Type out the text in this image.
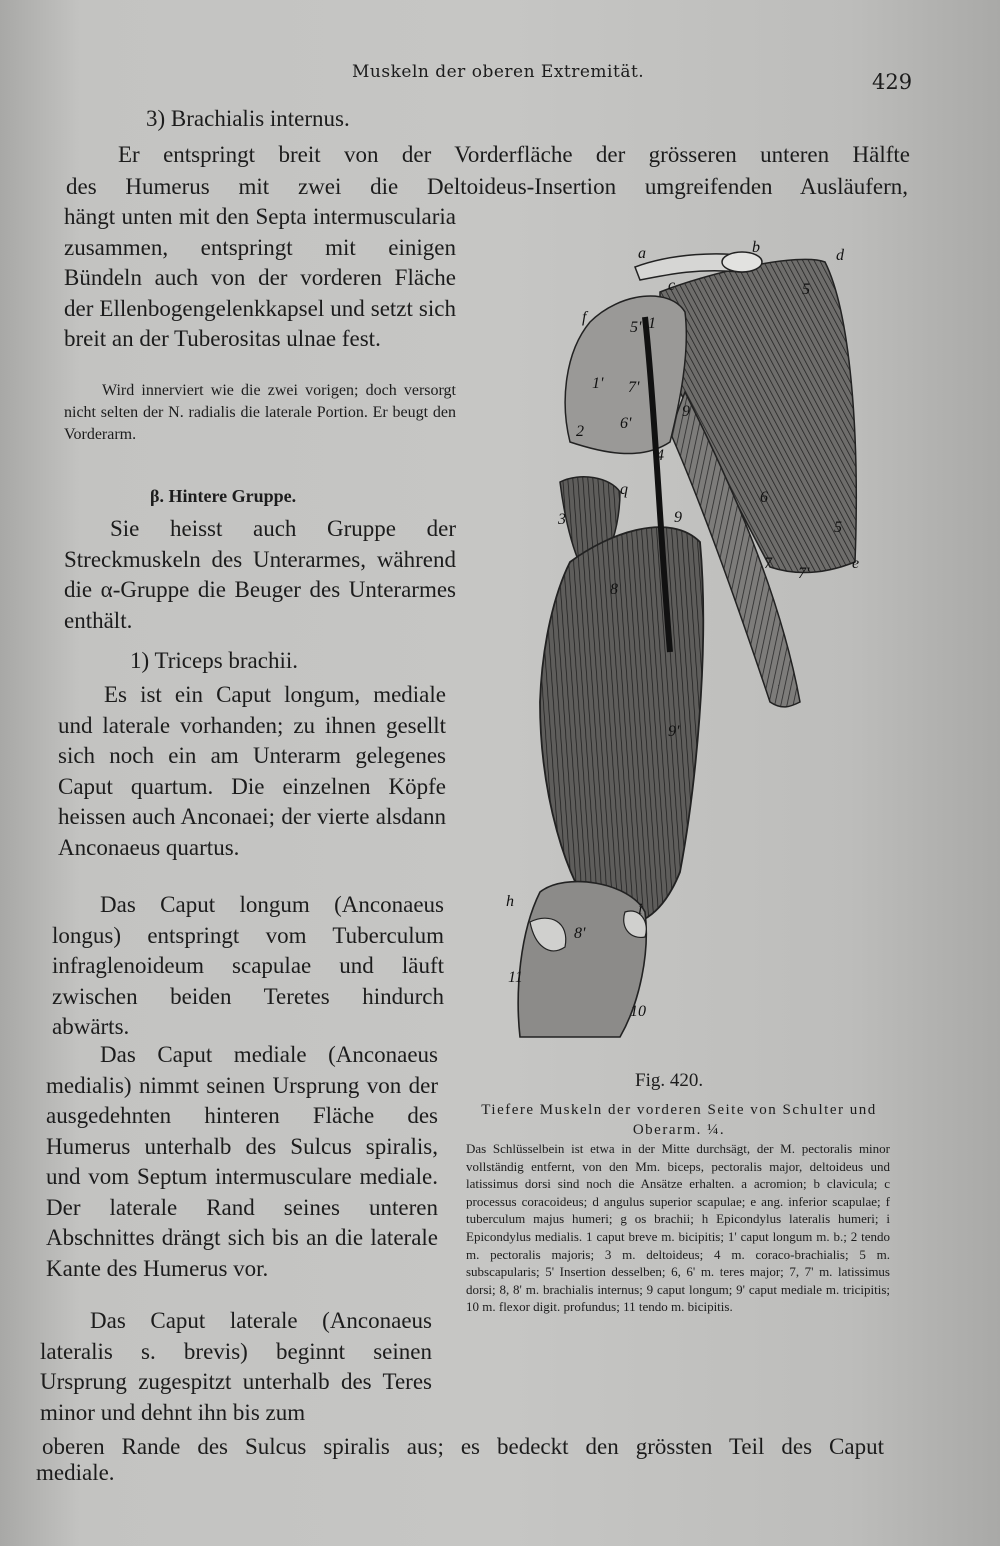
Muskeln der oberen Extremität.	429
3) Brachialis internus.
Er entspringt breit von der Vorderfläche der grösseren unteren Hälfte
des Humerus mit zwei die Deltoideus-Insertion umgreifenden Ausläufern,

hängt unten mit den Septa intermuscularia zusammen, entspringt mit einigen Bündeln auch von der vorderen Fläche der Ellenbogengelenkkapsel und setzt sich breit an der Tuberositas ulnae fest.

Wird innerviert wie die zwei vorigen; doch versorgt nicht selten der N. radialis die laterale Portion. Er beugt den Vorderarm.

β. Hintere Gruppe.

Sie heisst auch Gruppe der Streckmuskeln des Unterarmes, während die α-Gruppe die Beuger des Unterarmes enthält.

1) Triceps brachii.

Es ist ein Caput longum, mediale und laterale vorhanden; zu ihnen gesellt sich noch ein am Unterarm gelegenes Caput quartum. Die einzelnen Köpfe heissen auch Anconaei; der vierte alsdann Anconaeus quartus.

Das Caput longum (Anconaeus longus) entspringt vom Tuberculum infraglenoideum scapulae und läuft zwischen beiden Teretes hindurch abwärts.

Das Caput mediale (Anconaeus medialis) nimmt seinen Ursprung von der ausgedehnten hinteren Fläche des Humerus unterhalb des Sulcus spiralis, und vom Septum intermusculare mediale. Der laterale Rand seines unteren Abschnittes drängt sich bis an die laterale Kante des Humerus vor.

Das Caput laterale (Anconaeus lateralis s. brevis) beginnt seinen Ursprung zugespitzt unterhalb des Teres minor und dehnt ihn bis zum

oberen Rande des Sulcus spiralis aus; es bedeckt den grössten Teil des Caput
mediale.
a	b	d
c
f
e
q
h	i
1
1'
2
3
4
5
5
5'
6
6'
7
7'
7'
8
8'
9
9
9'
10
11
Fig. 420.
Tiefere Muskeln der vorderen Seite von Schulter und Oberarm. ¼.

Das Schlüsselbein ist etwa in der Mitte durchsägt, der M. pectoralis minor vollständig entfernt, von den Mm. biceps, pectoralis major, deltoideus und latissimus dorsi sind noch die Ansätze erhalten. a acromion; b clavicula; c processus coracoideus; d angulus superior scapulae; e ang. inferior scapulae; f tuberculum majus humeri; g os brachii; h Epicondylus lateralis humeri; i Epicondylus medialis. 1 caput breve m. bicipitis; 1' caput longum m. b.; 2 tendo m. pectoralis majoris; 3 m. deltoideus; 4 m. coraco-brachialis; 5 m. subscapularis; 5' Insertion desselben; 6, 6' m. teres major; 7, 7' m. latissimus dorsi; 8, 8' m. brachialis internus; 9 caput longum; 9' caput mediale m. tricipitis; 10 m. flexor digit. profundus; 11 tendo m. bicipitis.
